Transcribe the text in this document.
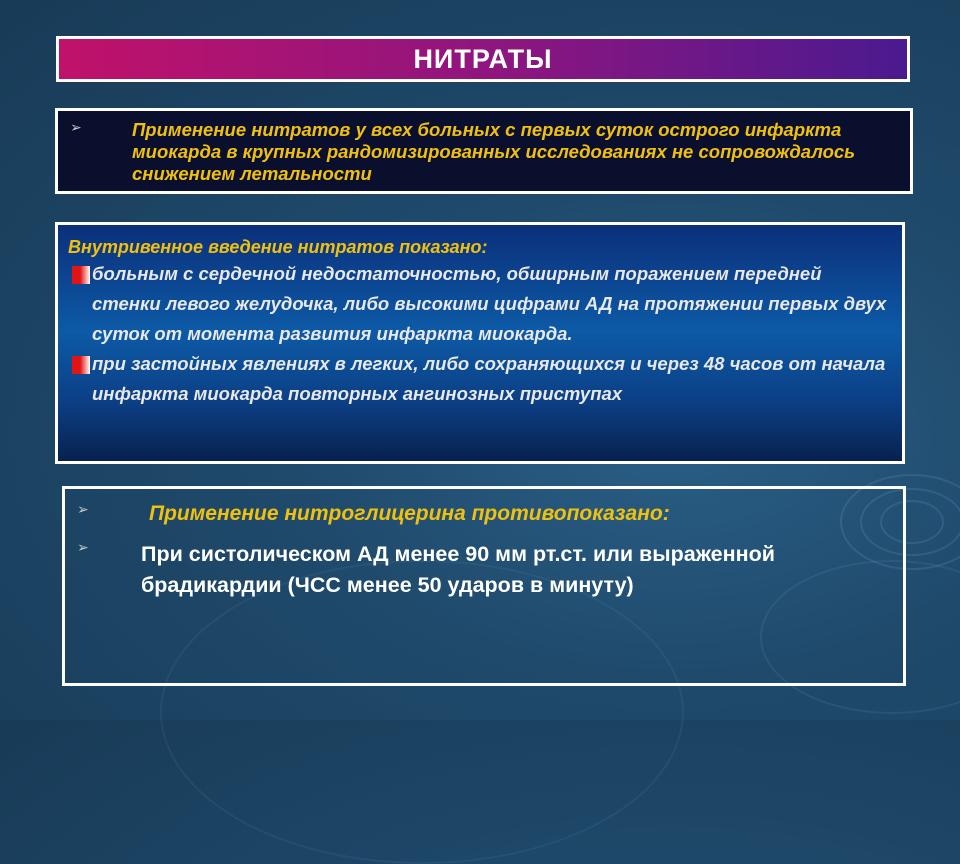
НИТРАТЫ
➢	Применение нитратов у всех больных с первых суток острого инфаркта миокарда в крупных рандомизированных исследованиях не сопровождалось снижением летальности
Внутривенное введение нитратов показано:
больным с сердечной недостаточностью, обширным поражением передней стенки левого желудочка, либо высокими цифрами АД на протяжении первых двух суток от момента развития инфаркта миокарда.
при застойных явлениях в легких, либо сохраняющихся и через 48 часов от начала инфаркта миокарда повторных ангинозных приступах
➢	Применение нитроглицерина противопоказано:
➢ При систолическом АД менее 90 мм рт.ст. или выраженной брадикардии (ЧСС менее 50 ударов в минуту)
